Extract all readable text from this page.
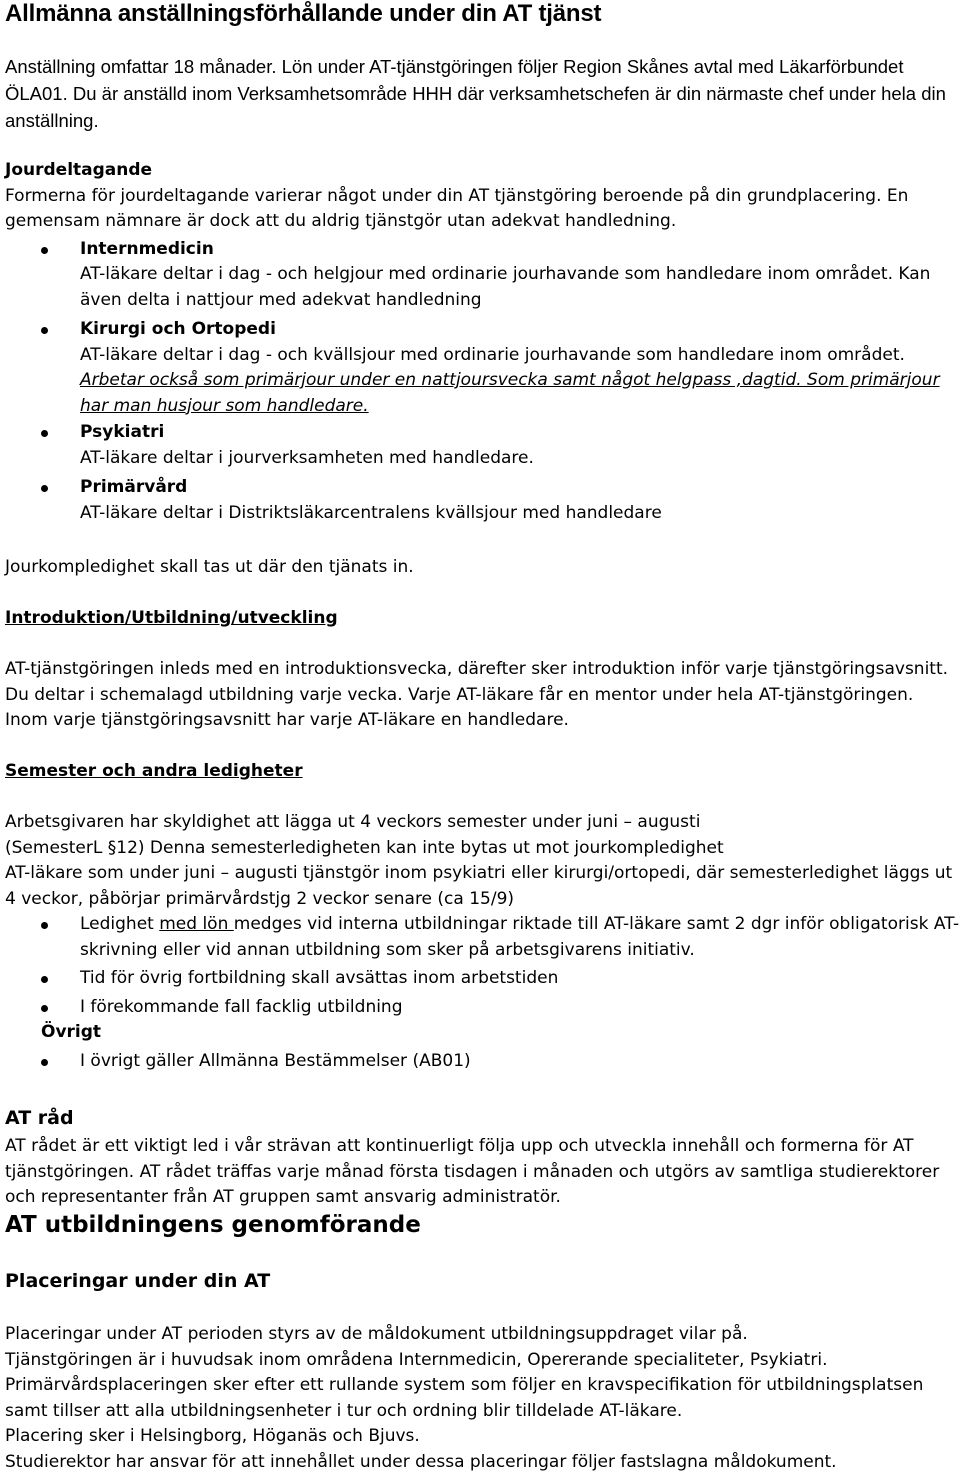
Allmänna anställningsförhållande under din AT tjänst

Anställning omfattar 18 månader. Lön under AT-tjänstgöringen följer Region Skånes avtal med Läkarförbundet ÖLA01. Du är anställd inom Verksamhetsområde HHH där verksamhetschefen är din närmaste chef under hela din anställning.

Jourdeltagande

Formerna för jourdeltagande varierar något under din AT tjänstgöring beroende på din grundplacering. En gemensam nämnare är dock att du aldrig tjänstgör utan adekvat handledning.

Internmedicin
AT-läkare deltar i dag - och helgjour med ordinarie jourhavande som handledare inom området. Kan även delta i nattjour med adekvat handledning
Kirurgi och Ortopedi
AT-läkare deltar i dag - och kvällsjour med ordinarie jourhavande som handledare inom området. Arbetar också som primärjour under en nattjoursvecka samt något helgpass ,dagtid. Som primärjour har man husjour som handledare.
Psykiatri
AT-läkare deltar i jourverksamheten med handledare.
Primärvård
AT-läkare deltar i Distriktsläkarcentralens kvällsjour med handledare

Jourkompledighet skall tas ut där den tjänats in.

Introduktion/Utbildning/utveckling

AT-tjänstgöringen inleds med en introduktionsvecka, därefter sker introduktion inför varje tjänstgöringsavsnitt. Du deltar i schemalagd utbildning varje vecka. Varje AT-läkare får en mentor under hela AT-tjänstgöringen. Inom varje tjänstgöringsavsnitt har varje AT-läkare en handledare.

Semester och andra ledigheter

Arbetsgivaren har skyldighet att lägga ut 4 veckors semester under juni – augusti

(SemesterL §12) Denna semesterledigheten kan inte bytas ut mot jourkompledighet

AT-läkare som under juni – augusti tjänstgör inom psykiatri eller kirurgi/ortopedi, där semesterledighet läggs ut 4 veckor, påbörjar primärvårdstjg 2 veckor senare (ca 15/9)

Ledighet med lön medges vid interna utbildningar riktade till AT-läkare samt 2 dgr inför obligatorisk AT-skrivning eller vid annan utbildning som sker på arbetsgivarens initiativ.
Tid för övrig fortbildning skall avsättas inom arbetstiden
I förekommande fall facklig utbildning

Övrigt

I övrigt gäller Allmänna Bestämmelser (AB01)
AT råd

AT rådet är ett viktigt led i vår strävan att kontinuerligt följa upp och utveckla innehåll och formerna för AT tjänstgöringen. AT rådet träffas varje månad första tisdagen i månaden och utgörs av samtliga studierektorer och representanter från AT gruppen samt ansvarig administratör.

AT utbildningens genomförande
Placeringar under din AT

Placeringar under AT perioden styrs av de måldokument utbildningsuppdraget vilar på.

Tjänstgöringen är i huvudsak inom områdena Internmedicin, Opererande specialiteter, Psykiatri.

Primärvårdsplaceringen sker efter ett rullande system som följer en kravspecifikation för utbildningsplatsen samt tillser att alla utbildningsenheter i tur och ordning blir tilldelade AT-läkare.

Placering sker i Helsingborg, Höganäs och Bjuvs.

Studierektor har ansvar för att innehållet under dessa placeringar följer fastslagna måldokument.
